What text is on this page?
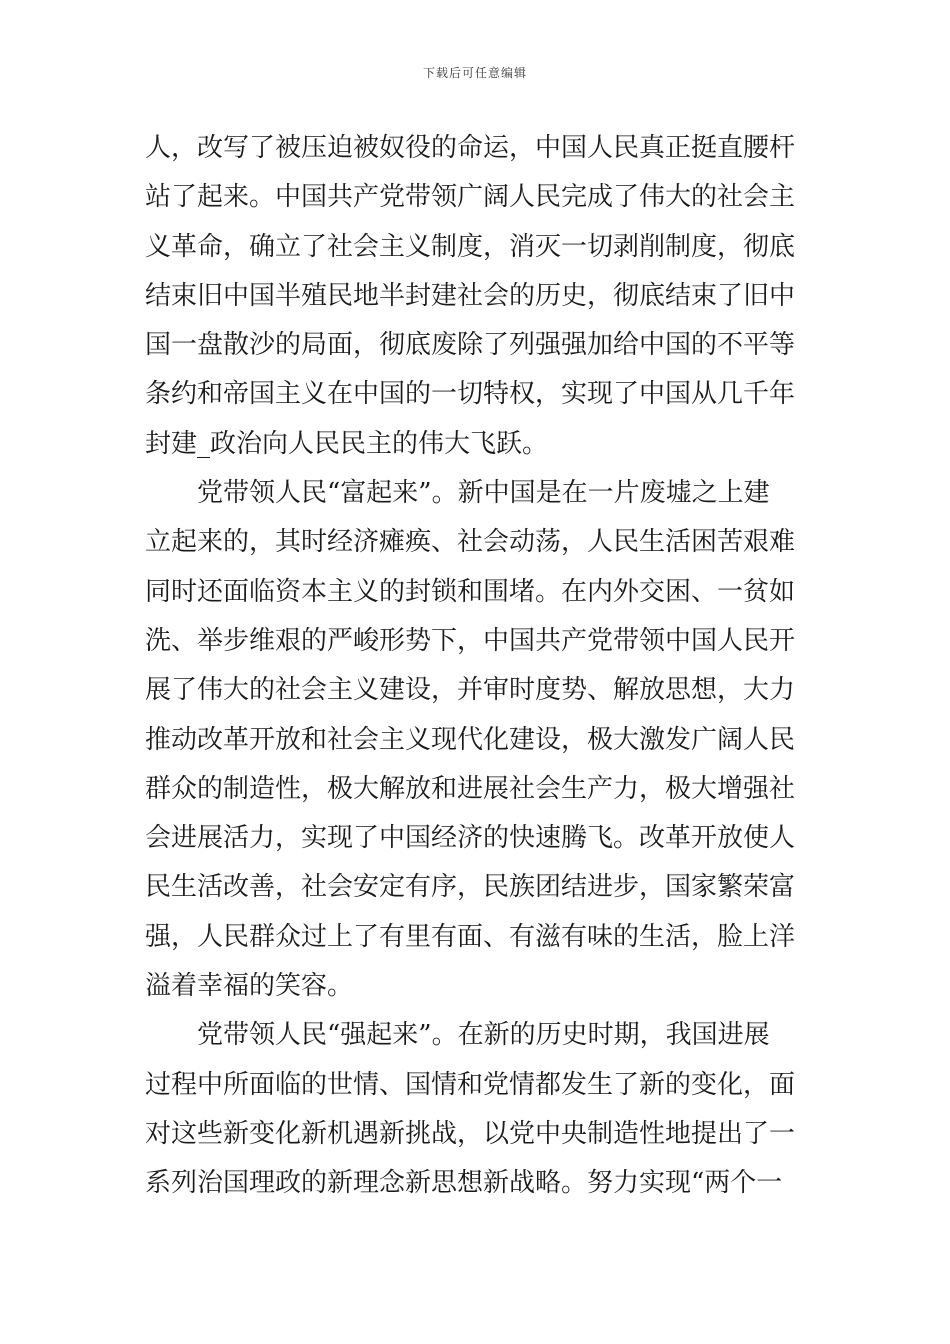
下载后可任意编辑
人，改写了被压迫被奴役的命运，中国人民真正挺直腰杆
站了起来。中国共产党带领广阔人民完成了伟大的社会主
义革命，确立了社会主义制度，消灭一切剥削制度，彻底
结束旧中国半殖民地半封建社会的历史，彻底结束了旧中
国一盘散沙的局面，彻底废除了列强强加给中国的不平等
条约和帝国主义在中国的一切特权，实现了中国从几千年
封建_政治向人民民主的伟大飞跃。
党带领人民“富起来”。新中国是在一片废墟之上建
立起来的，其时经济瘫痪、社会动荡，人民生活困苦艰难
同时还面临资本主义的封锁和围堵。在内外交困、一贫如
洗、举步维艰的严峻形势下，中国共产党带领中国人民开
展了伟大的社会主义建设，并审时度势、解放思想，大力
推动改革开放和社会主义现代化建设，极大激发广阔人民
群众的制造性，极大解放和进展社会生产力，极大增强社
会进展活力，实现了中国经济的快速腾飞。改革开放使人
民生活改善，社会安定有序，民族团结进步，国家繁荣富
强，人民群众过上了有里有面、有滋有味的生活，脸上洋
溢着幸福的笑容。
党带领人民“强起来”。在新的历史时期，我国进展
过程中所面临的世情、国情和党情都发生了新的变化，面
对这些新变化新机遇新挑战，以党中央制造性地提出了一
系列治国理政的新理念新思想新战略。努力实现“两个一
